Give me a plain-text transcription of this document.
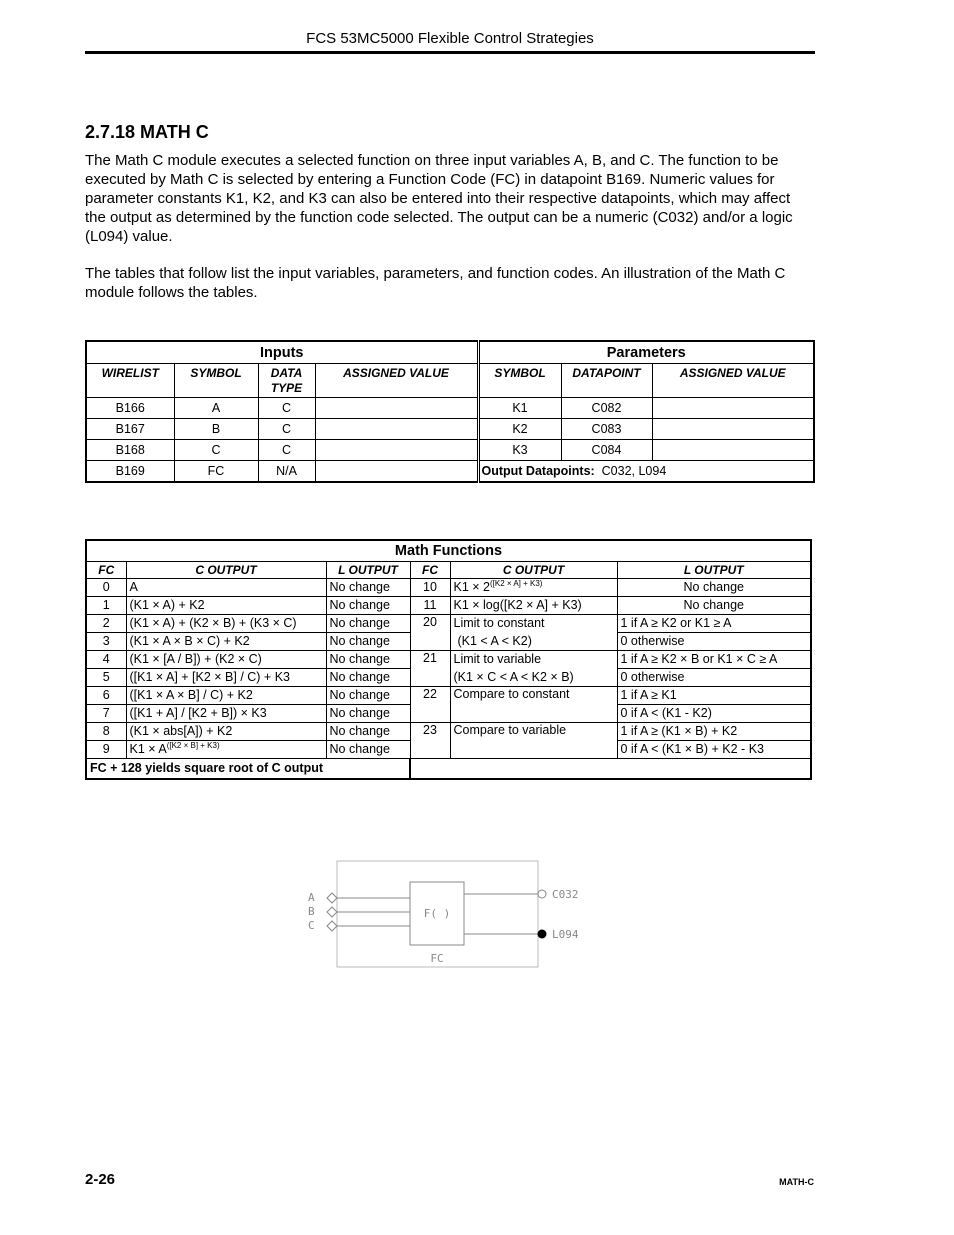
FCS 53MC5000 Flexible Control Strategies
2.7.18 MATH C
The Math C module executes a selected function on three input variables A, B, and C. The function to be executed by Math C is selected by entering a Function Code (FC) in datapoint B169. Numeric values for parameter constants K1, K2, and K3 can also be entered into their respective datapoints, which may affect the output as determined by the function code selected. The output can be a numeric (C032) and/or a logic (L094) value.
The tables that follow list the input variables, parameters, and function codes. An illustration of the Math C module follows the tables.
Inputs				Parameters		
WIRELIST	SYMBOL	DATA TYPE	ASSIGNED VALUE	SYMBOL	DATAPOINT	ASSIGNED VALUE
B166	A	C		K1	C082	
B167	B	C		K2	C083	
B168	C	C		K3	C084	
B169	FC	N/A		Output Datapoints: C032, L094		
Math Functions					
FC	C OUTPUT	L OUTPUT	FC	C OUTPUT	L OUTPUT
0	A	No change	10	$K1 \times 2^{([K2 \times A] + K3)}$	No change
1	(K1 × A) + K2	No change	11	K1 × log([K2 × A] + K3)	No change
2	(K1 × A) + (K2 × B) + (K3 × C)	No change	20	Limit to constant	1 if A ≥ K2 or K1 ≥ A
3	(K1 × A × B × C) + K2	No change		(K1 < A < K2)	0 otherwise
4	(K1 × [A / B]) + (K2 × C)	No change	21	Limit to variable	1 if A ≥ K2 × B or K1 × C ≥ A
5	([K1 × A] + [K2 × B] / C) + K3	No change		(K1 × C < A < K2 × B)	0 otherwise
6	([K1 × A × B] / C) + K2	No change	22	Compare to constant	1 if A ≥ K1
7	([K1 + A] / [K2 + B]) × K3	No change			0 if A < (K1 - K2)
8	(K1 × abs[A]) + K2	No change	23	Compare to variable	1 if A ≥ (K1 × B) + K2
9	$K1 \times A^{([K2 \times B] + K3)}$	No change			0 if A < (K1 × B) + K2 - K3
FC + 128 yields square root of C output					
F( )
FC
A
B
C
C032
L094
2-26	MATH-C
